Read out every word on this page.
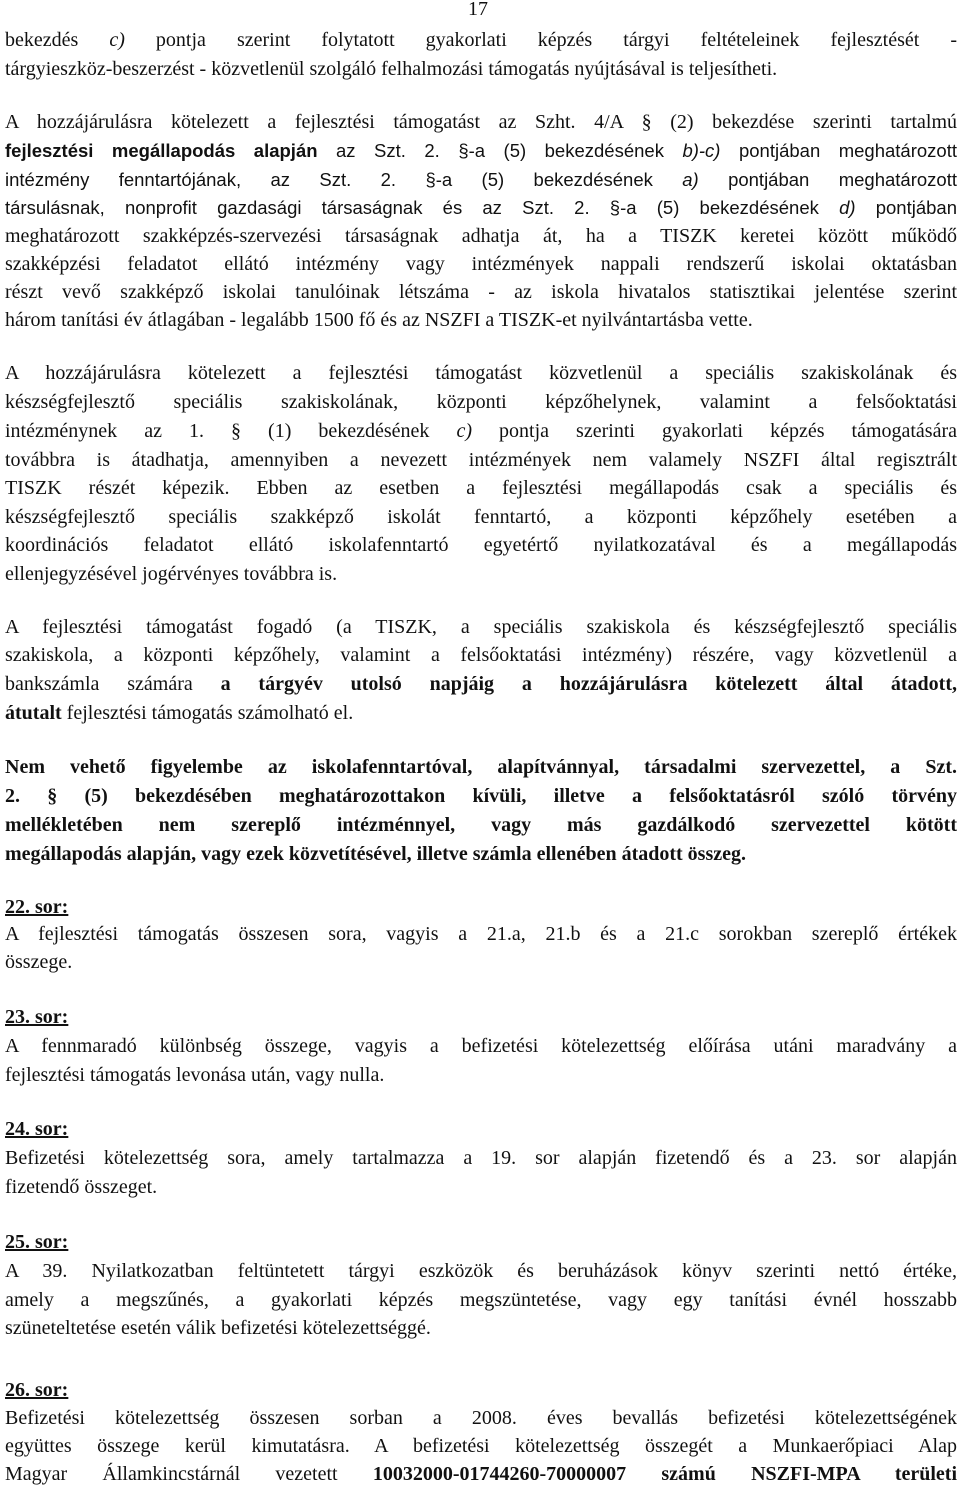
17
bekezdés c) pontja szerint folytatott gyakorlati képzés tárgyi feltételeinek fejlesztését -
tárgyieszköz-beszerzést - közvetlenül szolgáló felhalmozási támogatás nyújtásával is teljesítheti.
A hozzájárulásra kötelezett a fejlesztési támogatást az Szht. 4/A § (2) bekezdése szerinti tartalmú
fejlesztési megállapodás alapján az Szt. 2. §-a (5) bekezdésének b)-c) pontjában meghatározott
intézmény fenntartójának, az Szt. 2. §-a (5) bekezdésének a) pontjában meghatározott
társulásnak, nonprofit gazdasági társaságnak és az Szt. 2. §-a (5) bekezdésének d) pontjában
meghatározott szakképzés-szervezési társaságnak adhatja át, ha a TISZK keretei között működő
szakképzési feladatot ellátó intézmény vagy intézmények nappali rendszerű iskolai oktatásban
részt vevő szakképző iskolai tanulóinak létszáma - az iskola hivatalos statisztikai jelentése szerint
három tanítási év átlagában - legalább 1500 fő és az NSZFI a TISZK-et nyilvántartásba vette.
A hozzájárulásra kötelezett a fejlesztési támogatást közvetlenül a speciális szakiskolának és
készségfejlesztő speciális szakiskolának, központi képzőhelynek, valamint a felsőoktatási
intézménynek az 1. § (1) bekezdésének c) pontja szerinti gyakorlati képzés támogatására
továbbra is átadhatja, amennyiben a nevezett intézmények nem valamely NSZFI által regisztrált
TISZK részét képezik. Ebben az esetben a fejlesztési megállapodás csak a speciális és
készségfejlesztő speciális szakképző iskolát fenntartó, a központi képzőhely esetében a
koordinációs feladatot ellátó iskolafenntartó egyetértő nyilatkozatával és a megállapodás
ellenjegyzésével jogérvényes továbbra is.
A fejlesztési támogatást fogadó (a TISZK, a speciális szakiskola és készségfejlesztő speciális
szakiskola, a központi képzőhely, valamint a felsőoktatási intézmény) részére, vagy közvetlenül a
bankszámla számára a tárgyév utolsó napjáig a hozzájárulásra kötelezett által átadott,
átutalt fejlesztési támogatás számolható el.
Nem vehető figyelembe az iskolafenntartóval, alapítvánnyal, társadalmi szervezettel, a Szt.
2. § (5) bekezdésében meghatározottakon kívüli, illetve a felsőoktatásról szóló törvény
mellékletében nem szereplő intézménnyel, vagy más gazdálkodó szervezettel kötött
megállapodás alapján, vagy ezek közvetítésével, illetve számla ellenében átadott összeg.
22. sor:
A fejlesztési támogatás összesen sora, vagyis a 21.a, 21.b és a 21.c sorokban szereplő értékek
összege.
23. sor:
A fennmaradó különbség összege, vagyis a befizetési kötelezettség előírása utáni maradvány a
fejlesztési támogatás levonása után, vagy nulla.
24. sor:
Befizetési kötelezettség sora, amely tartalmazza a 19. sor alapján fizetendő és a 23. sor alapján
fizetendő összeget.
25. sor:
A 39. Nyilatkozatban feltüntetett tárgyi eszközök és beruházások könyv szerinti nettó értéke,
amely a megszűnés, a gyakorlati képzés megszüntetése, vagy egy tanítási évnél hosszabb
szüneteltetése esetén válik befizetési kötelezettséggé.
26. sor:
Befizetési kötelezettség összesen sorban a 2008. éves bevallás befizetési kötelezettségének
együttes összege kerül kimutatásra. A befizetési kötelezettség összegét a Munkaerőpiaci Alap
Magyar Államkincstárnál vezetett 10032000-01744260-70000007 számú NSZFI-MPA területi
